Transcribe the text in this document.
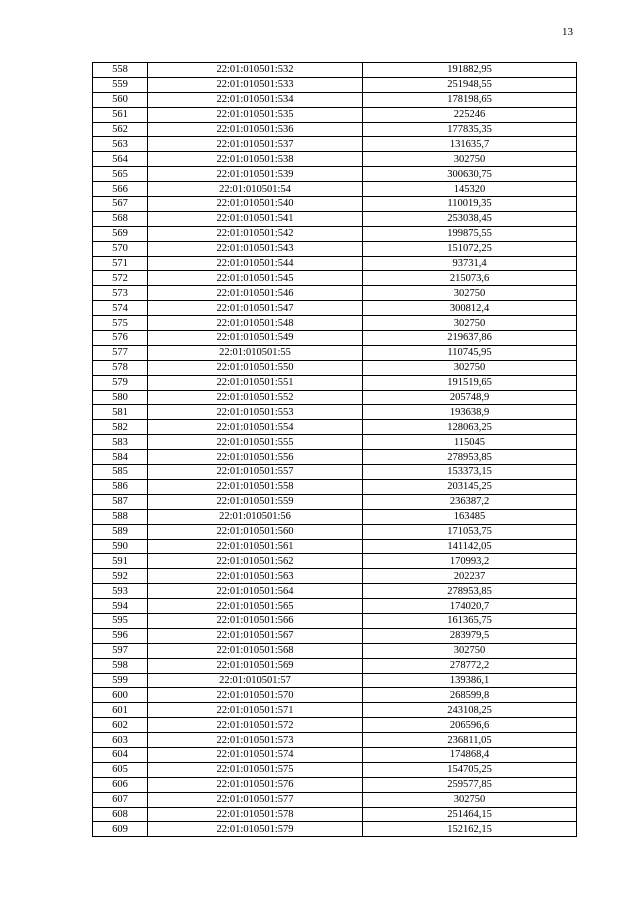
13
558	22:01:010501:532	191882,95
559	22:01:010501:533	251948,55
560	22:01:010501:534	178198,65
561	22:01:010501:535	225246
562	22:01:010501:536	177835,35
563	22:01:010501:537	131635,7
564	22:01:010501:538	302750
565	22:01:010501:539	300630,75
566	22:01:010501:54	145320
567	22:01:010501:540	110019,35
568	22:01:010501:541	253038,45
569	22:01:010501:542	199875,55
570	22:01:010501:543	151072,25
571	22:01:010501:544	93731,4
572	22:01:010501:545	215073,6
573	22:01:010501:546	302750
574	22:01:010501:547	300812,4
575	22:01:010501:548	302750
576	22:01:010501:549	219637,86
577	22:01:010501:55	110745,95
578	22:01:010501:550	302750
579	22:01:010501:551	191519,65
580	22:01:010501:552	205748,9
581	22:01:010501:553	193638,9
582	22:01:010501:554	128063,25
583	22:01:010501:555	115045
584	22:01:010501:556	278953,85
585	22:01:010501:557	153373,15
586	22:01:010501:558	203145,25
587	22:01:010501:559	236387,2
588	22:01:010501:56	163485
589	22:01:010501:560	171053,75
590	22:01:010501:561	141142,05
591	22:01:010501:562	170993,2
592	22:01:010501:563	202237
593	22:01:010501:564	278953,85
594	22:01:010501:565	174020,7
595	22:01:010501:566	161365,75
596	22:01:010501:567	283979,5
597	22:01:010501:568	302750
598	22:01:010501:569	278772,2
599	22:01:010501:57	139386,1
600	22:01:010501:570	268599,8
601	22:01:010501:571	243108,25
602	22:01:010501:572	206596,6
603	22:01:010501:573	236811,05
604	22:01:010501:574	174868,4
605	22:01:010501:575	154705,25
606	22:01:010501:576	259577,85
607	22:01:010501:577	302750
608	22:01:010501:578	251464,15
609	22:01:010501:579	152162,15
